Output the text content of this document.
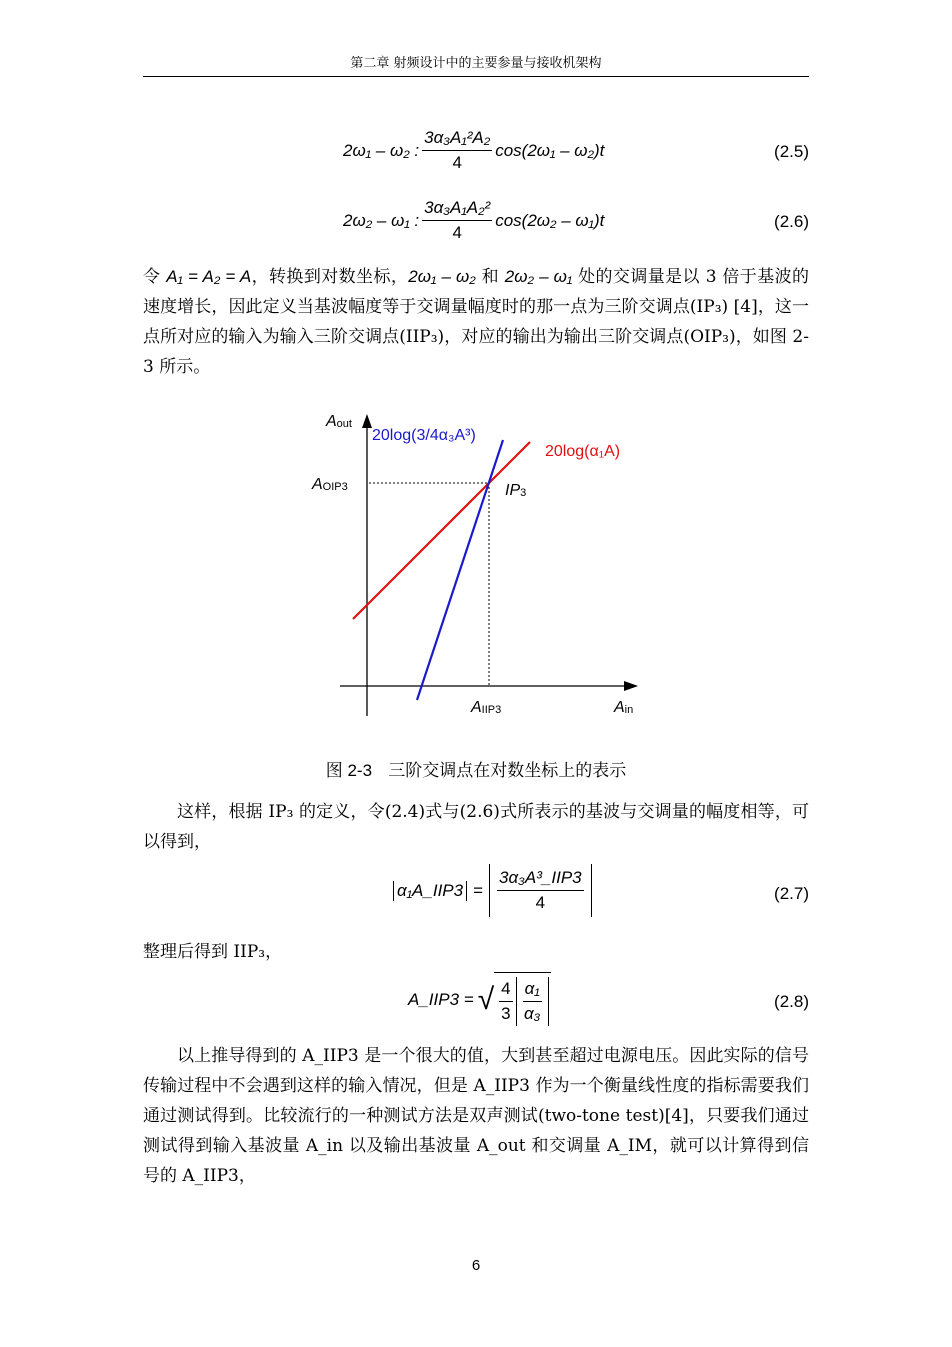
第二章 射频设计中的主要参量与接收机架构
2ω₁ – ω₂ : $\frac{\text{3α₃A₁²A₂}}{4} \cos(2\omega_1 - \omega_2)t$	(2.5)
2ω₂ – ω₁ : $\frac{\text{3α₃A₁A₂²}}{4} \cos(2\omega_2 - \omega_1)t$	(2.6)
令 A₁ = A₂ = A，转换到对数坐标，2ω₁ – ω₂ 和 2ω₂ – ω₁ 处的交调量是以 3 倍于基波的速度增长，因此定义当基波幅度等于交调量幅度时的那一点为三阶交调点(IP₃) [4]，这一点所对应的输入为输入三阶交调点(IIP₃)，对应的输出为输出三阶交调点(OIP₃)，如图 2-3 所示。
Aout
AOIP3	IP3
AIIP3	Ain
20log(3/4α₃A³)
20log(α₁A)
图 2-3 三阶交调点在对数坐标上的表示
这样，根据 IP₃ 的定义，令(2.4)式与(2.6)式所表示的基波与交调量的幅度相等，可以得到，
α₁A_IIP3 = $\frac{\text{3α₃A³\_IIP3}}{4}$	(2.7)
整理后得到 IIP₃，
A_IIP3 = √ $\frac{4}{3} \frac{\text{α₁}}{\text{α₃}}$	(2.8)
以上推导得到的 A_IIP3 是一个很大的值，大到甚至超过电源电压。因此实际的信号传输过程中不会遇到这样的输入情况，但是 A_IIP3 作为一个衡量线性度的指标需要我们通过测试得到。比较流行的一种测试方法是双声测试(two-tone test)[4]，只要我们通过测试得到输入基波量 A_in 以及输出基波量 A_out 和交调量 A_IM，就可以计算得到信号的 A_IIP3，
6
